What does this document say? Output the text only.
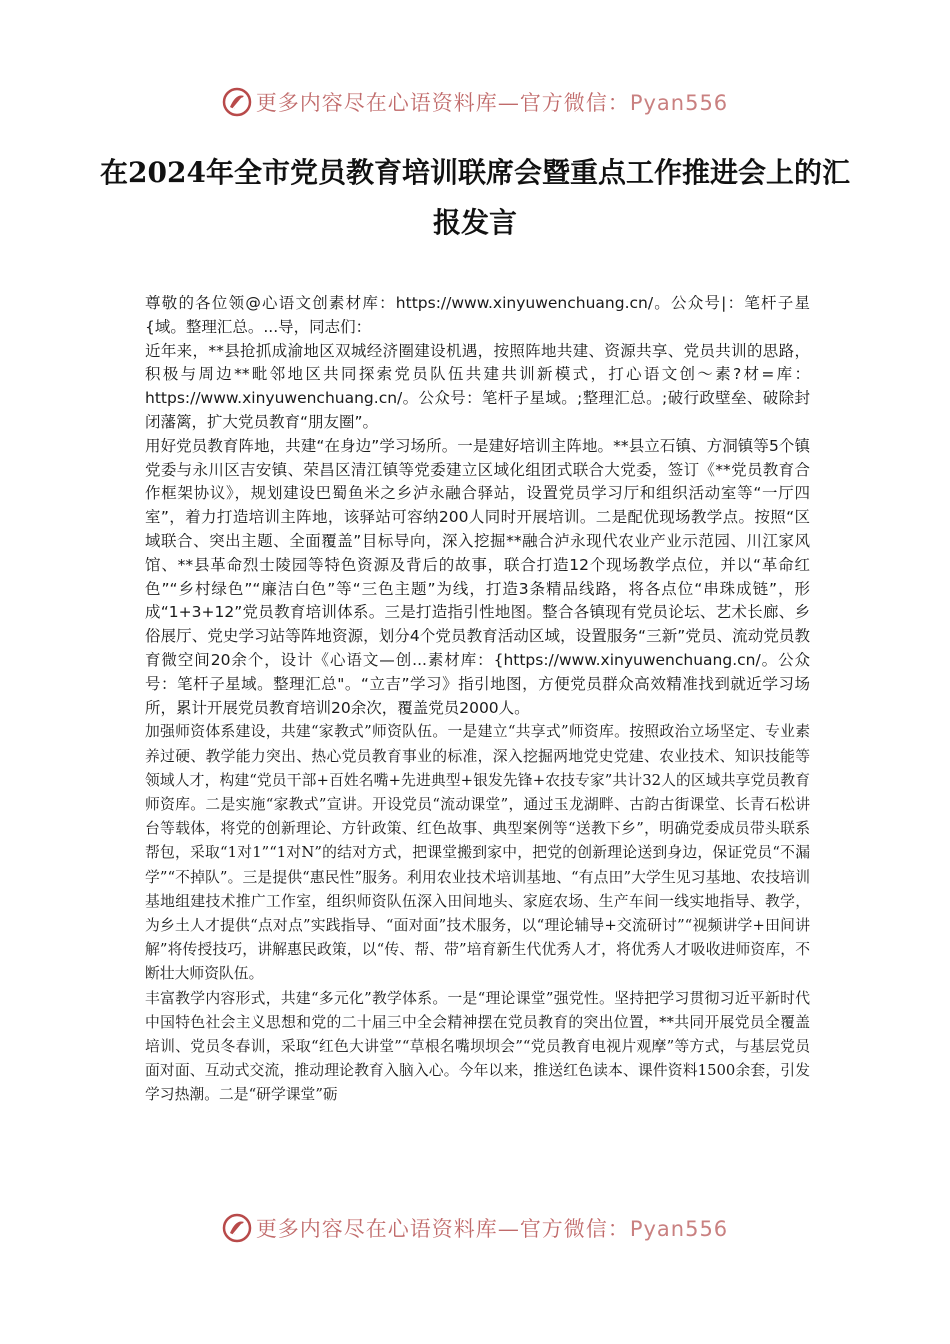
更多内容尽在心语资料库—官方微信：Pyan556
在2024年全市党员教育培训联席会暨重点工作推进会上的汇报发言

尊敬的各位领@心语文创素材库：https://www.xinyuwenchuang.cn/。公众号|：笔杆子星{域。整理汇总。...导，同志们：

近年来，**县抢抓成渝地区双城经济圈建设机遇，按照阵地共建、资源共享、党员共训的思路，积极与周边**毗邻地区共同探索党员队伍共建共训新模式，打心语文创～素?材=库：https://www.xinyuwenchuang.cn/。公众号：笔杆子星域。;整理汇总。;破行政壁垒、破除封闭藩篱，扩大党员教育“朋友圈”。

用好党员教育阵地，共建“在身边”学习场所。一是建好培训主阵地。**县立石镇、方洞镇等5个镇党委与永川区吉安镇、荣昌区清江镇等党委建立区域化组团式联合大党委，签订《**党员教育合作框架协议》，规划建设巴蜀鱼米之乡泸永融合驿站，设置党员学习厅和组织活动室等“一厅四室”，着力打造培训主阵地，该驿站可容纳200人同时开展培训。二是配优现场教学点。按照“区域联合、突出主题、全面覆盖”目标导向，深入挖掘**融合泸永现代农业产业示范园、川江家风馆、**县革命烈士陵园等特色资源及背后的故事，联合打造12个现场教学点位，并以“革命红色”“乡村绿色”“廉洁白色”等“三色主题”为线，打造3条精品线路，将各点位“串珠成链”，形成“1+3+12”党员教育培训体系。三是打造指引性地图。整合各镇现有党员论坛、艺术长廊、乡俗展厅、党史学习站等阵地资源，划分4个党员教育活动区域，设置服务“三新”党员、流动党员教育微空间20余个，设计《心语文—创...素材库：{https://www.xinyuwenchuang.cn/。公众号：笔杆子星域。整理汇总"。“立吉”学习》指引地图，方便党员群众高效精准找到就近学习场所，累计开展党员教育培训20余次，覆盖党员2000人。

加强师资体系建设，共建“家教式”师资队伍。一是建立“共享式”师资库。按照政治立场坚定、专业素养过硬、教学能力突出、热心党员教育事业的标准，深入挖掘两地党史党建、农业技术、知识技能等领域人才，构建“党员干部+百姓名嘴+先进典型+银发先锋+农技专家”共计32人的区域共享党员教育师资库。二是实施“家教式”宣讲。开设党员“流动课堂”，通过玉龙湖畔、古韵古街课堂、长青石松讲台等载体，将党的创新理论、方针政策、红色故事、典型案例等“送教下乡”，明确党委成员带头联系帮包，采取“1对1”“1对N”的结对方式，把课堂搬到家中，把党的创新理论送到身边，保证党员“不漏学”“不掉队”。三是提供“惠民性”服务。利用农业技术培训基地、“有点田”大学生见习基地、农技培训基地组建技术推广工作室，组织师资队伍深入田间地头、家庭农场、生产车间一线实地指导、教学，为乡土人才提供“点对点”实践指导、“面对面”技术服务，以“理论辅导+交流研讨”“视频讲学+田间讲解”将传授技巧，讲解惠民政策，以“传、帮、带”培育新生代优秀人才，将优秀人才吸收进师资库，不断壮大师资队伍。

丰富教学内容形式，共建“多元化”教学体系。一是“理论课堂”强党性。坚持把学习贯彻习近平新时代中国特色社会主义思想和党的二十届三中全会精神摆在党员教育的突出位置，**共同开展党员全覆盖培训、党员冬春训，采取“红色大讲堂”“草根名嘴坝坝会”“党员教育电视片观摩”等方式，与基层党员面对面、互动式交流，推动理论教育入脑入心。今年以来，推送红色读本、课件资料1500余套，引发学习热潮。二是“研学课堂”砺

更多内容尽在心语资料库—官方微信：Pyan556
